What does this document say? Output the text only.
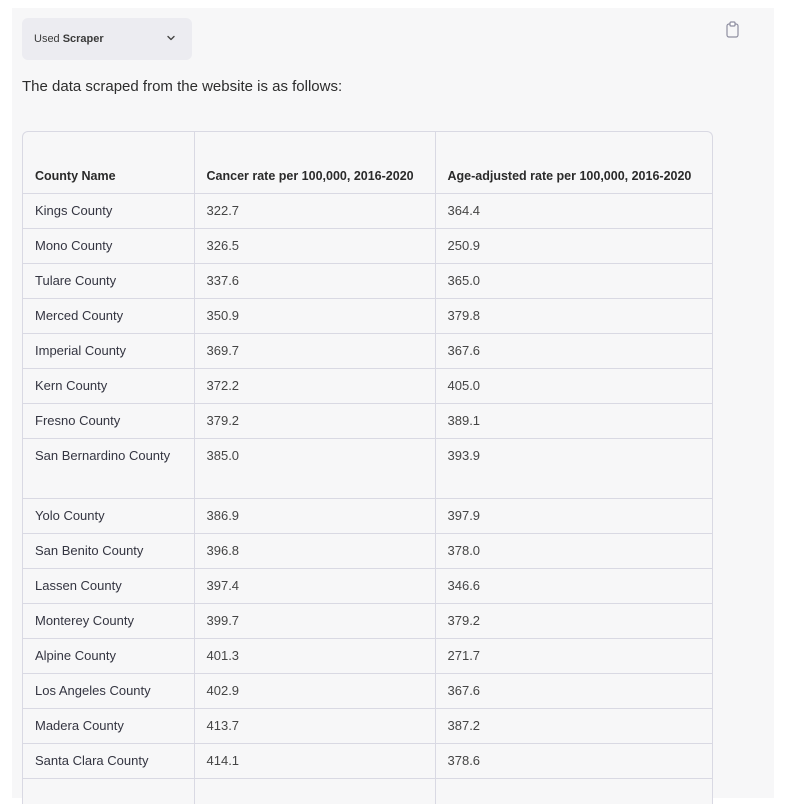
Used Scraper

The data scraped from the website is as follows:

County Name	Cancer rate per 100,000, 2016-2020	Age-adjusted rate per 100,000, 2016-2020
Kings County	322.7	364.4
Mono County	326.5	250.9
Tulare County	337.6	365.0
Merced County	350.9	379.8
Imperial County	369.7	367.6
Kern County	372.2	405.0
Fresno County	379.2	389.1
San Bernardino County	385.0	393.9
Yolo County	386.9	397.9
San Benito County	396.8	378.0
Lassen County	397.4	346.6
Monterey County	399.7	379.2
Alpine County	401.3	271.7
Los Angeles County	402.9	367.6
Madera County	413.7	387.2
Santa Clara County	414.1	378.6
